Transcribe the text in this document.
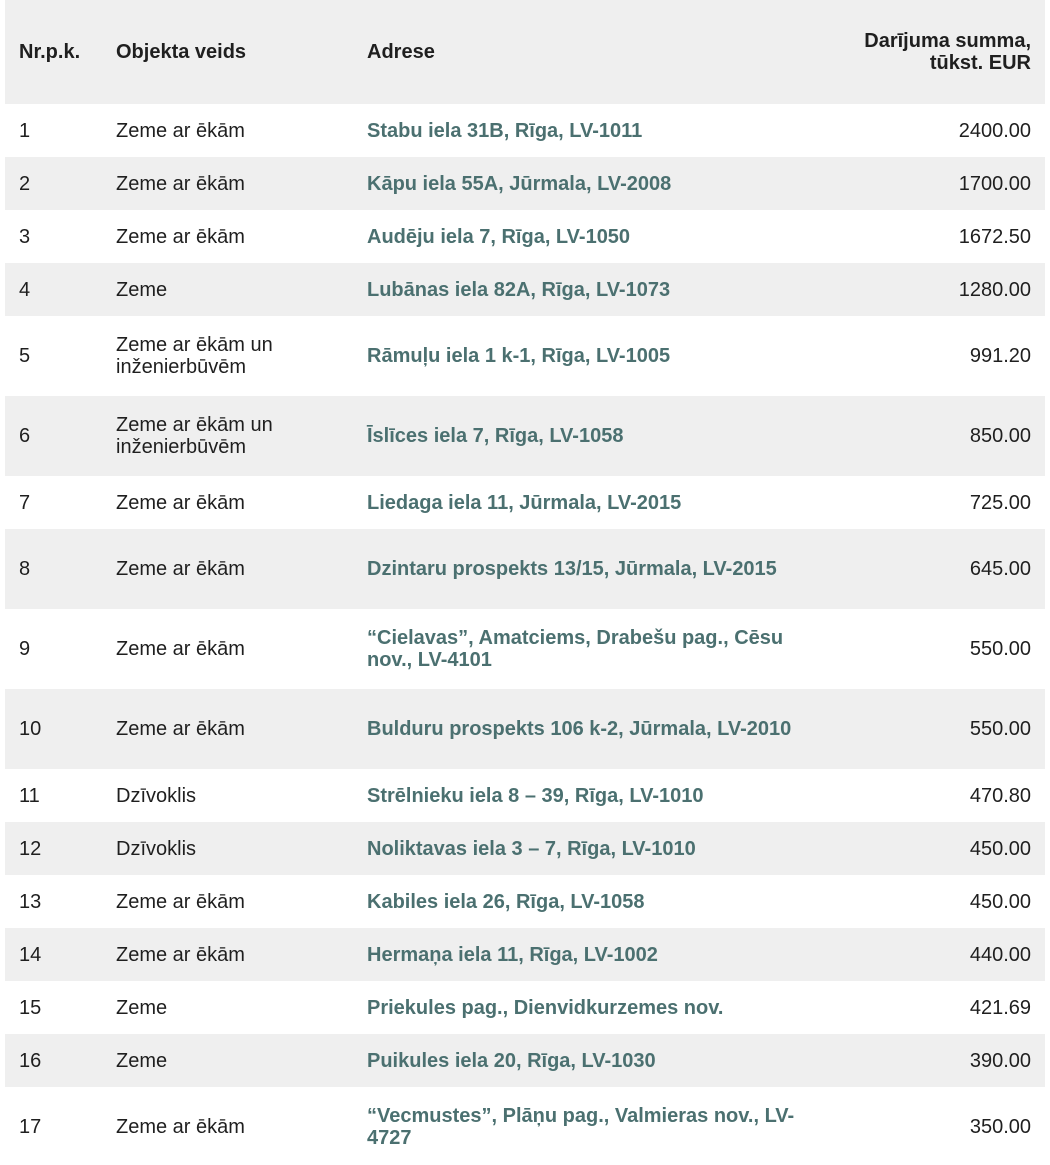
Nr.p.k.	Objekta veids	Adrese	Darījuma summa, tūkst. EUR
1	Zeme ar ēkām	Stabu iela 31B, Rīga, LV-1011	2400.00
2	Zeme ar ēkām	Kāpu iela 55A, Jūrmala, LV-2008	1700.00
3	Zeme ar ēkām	Audēju iela 7, Rīga, LV-1050	1672.50
4	Zeme	Lubānas iela 82A, Rīga, LV-1073	1280.00
5	Zeme ar ēkām un inženierbūvēm	Rāmuļu iela 1 k-1, Rīga, LV-1005	991.20
6	Zeme ar ēkām un inženierbūvēm	Īslīces iela 7, Rīga, LV-1058	850.00
7	Zeme ar ēkām	Liedaga iela 11, Jūrmala, LV-2015	725.00
8	Zeme ar ēkām	Dzintaru prospekts 13/15, Jūrmala, LV-2015	645.00
9	Zeme ar ēkām	“Cielavas”, Amatciems, Drabešu pag., Cēsu nov., LV-4101	550.00
10	Zeme ar ēkām	Bulduru prospekts 106 k-2, Jūrmala, LV-2010	550.00
11	Dzīvoklis	Strēlnieku iela 8 – 39, Rīga, LV-1010	470.80
12	Dzīvoklis	Noliktavas iela 3 – 7, Rīga, LV-1010	450.00
13	Zeme ar ēkām	Kabiles iela 26, Rīga, LV-1058	450.00
14	Zeme ar ēkām	Hermaņa iela 11, Rīga, LV-1002	440.00
15	Zeme	Priekules pag., Dienvidkurzemes nov.	421.69
16	Zeme	Puikules iela 20, Rīga, LV-1030	390.00
17	Zeme ar ēkām	“Vecmustes”, Plāņu pag., Valmieras nov., LV-4727	350.00
